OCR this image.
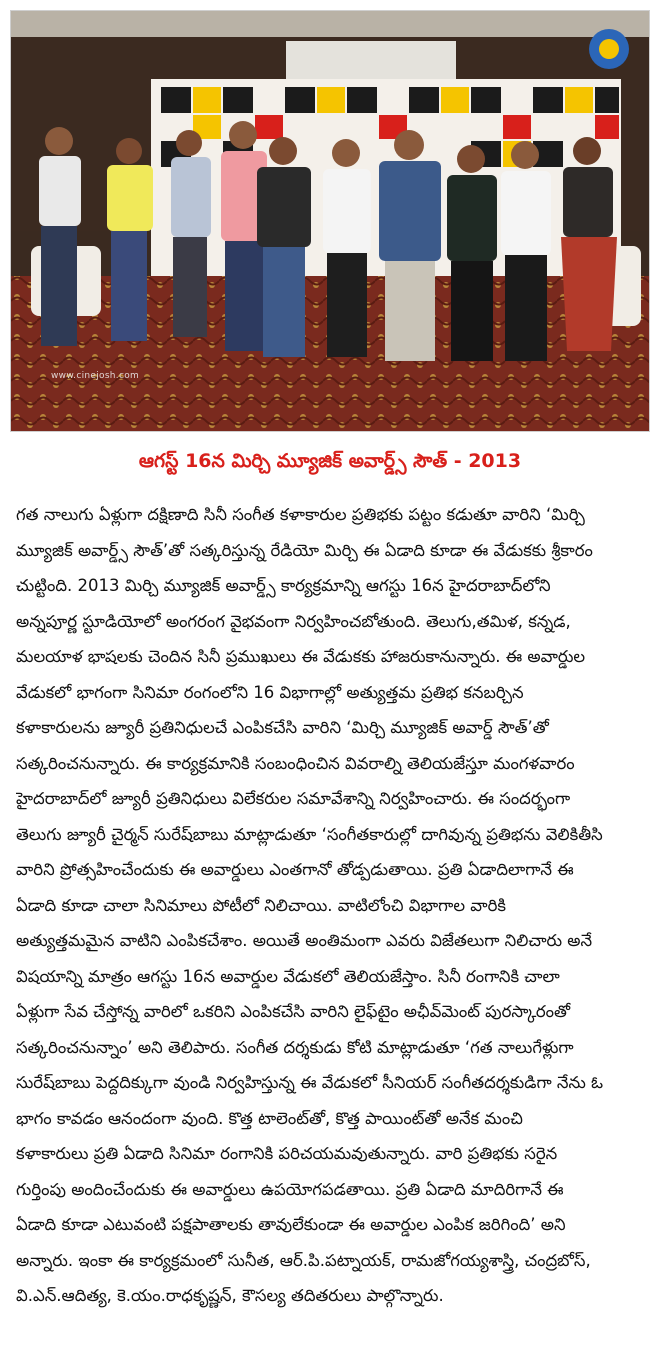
www.cinejosh.com
ఆగస్ట్ 16న మిర్చి మ్యూజిక్ అవార్డ్స్ సౌత్ - 2013
గత నాలుగు ఏళ్లుగా దక్షిణాది సినీ సంగీత కళాకారుల ప్రతిభకు పట్టం కడుతూ వారిని ‘మిర్చి
మ్యూజిక్ అవార్డ్స్ సౌత్’తో సత్కరిస్తున్న రేడియో మిర్చి ఈ ఏడాది కూడా ఈ వేడుకకు శ్రీకారం
చుట్టింది. 2013 మిర్చి మ్యూజిక్ అవార్డ్స్ కార్యక్రమాన్ని ఆగస్టు 16న హైదరాబాద్‌లోని
అన్నపూర్ణ స్టూడియోలో అంగరంగ వైభవంగా నిర్వహించబోతుంది. తెలుగు,తమిళ, కన్నడ,
మలయాళ భాషలకు చెందిన సినీ ప్రముఖులు ఈ వేడుకకు హాజరుకానున్నారు. ఈ అవార్డుల
వేడుకలో భాగంగా సినిమా రంగంలోని 16 విభాగాల్లో అత్యుత్తమ ప్రతిభ కనబర్చిన
కళాకారులను జ్యూరీ ప్రతినిధులచే ఎంపికచేసి వారిని ‘మిర్చి మ్యూజిక్ అవార్డ్ సౌత్’తో
సత్కరించనున్నారు. ఈ కార్యక్రమానికి సంబంధించిన వివరాల్ని తెలియజేస్తూ మంగళవారం
హైదరాబాద్‌లో జ్యూరీ ప్రతినిధులు విలేకరుల సమావేశాన్ని నిర్వహించారు. ఈ సందర్భంగా
తెలుగు జ్యూరీ చైర్మన్ సురేష్‌బాబు మాట్లాడుతూ ‘సంగీతకారుల్లో దాగివున్న ప్రతిభను వెలికితీసి
వారిని ప్రోత్సహించేందుకు ఈ అవార్డులు ఎంతగానో తోడ్పడుతాయి. ప్రతి ఏడాదిలాగానే ఈ
ఏడాది కూడా చాలా సినిమాలు పోటీలో నిలిచాయి. వాటిలోంచి విభాగాల వారికి
అత్యుత్తమమైన వాటిని ఎంపికచేశాం. అయితే అంతిమంగా ఎవరు విజేతలుగా నిలిచారు అనే
విషయాన్ని మాత్రం ఆగస్టు 16న అవార్డుల వేడుకలో తెలియజేస్తాం. సినీ రంగానికి చాలా
ఏళ్లుగా సేవ చేస్తోన్న వారిలో ఒకరిని ఎంపికచేసి వారిని లైఫ్‌టైం అఛీవ్‌మెంట్ పురస్కారంతో
సత్కరించనున్నాం’ అని తెలిపారు. సంగీత దర్శకుడు కోటి మాట్లాడుతూ ‘గత నాలుగేళ్లుగా
సురేష్‌బాబు పెద్దదిక్కుగా వుండి నిర్వహిస్తున్న ఈ వేడుకలో సీనియర్ సంగీతదర్శకుడిగా నేను ఓ
భాగం కావడం ఆనందంగా వుంది. కొత్త టాలెంట్‌తో, కొత్త పాయింట్‌తో అనేక మంచి
కళాకారులు ప్రతి ఏడాది సినిమా రంగానికి పరిచయమవుతున్నారు. వారి ప్రతిభకు సరైన
గుర్తింపు అందించేందుకు ఈ అవార్డులు ఉపయోగపడతాయి. ప్రతి ఏడాది మాదిరిగానే ఈ
ఏడాది కూడా ఎటువంటి పక్షపాతాలకు తావులేకుండా ఈ అవార్డుల ఎంపిక జరిగింది’ అని
అన్నారు. ఇంకా ఈ కార్యక్రమంలో సునీత, ఆర్.పి.పట్నాయక్, రామజోగయ్యశాస్త్రి, చంద్రబోస్,
వి.ఎన్.ఆదిత్య, కె.యం.రాధకృష్ణన్, కౌసల్య తదితరులు పాల్గొన్నారు.
